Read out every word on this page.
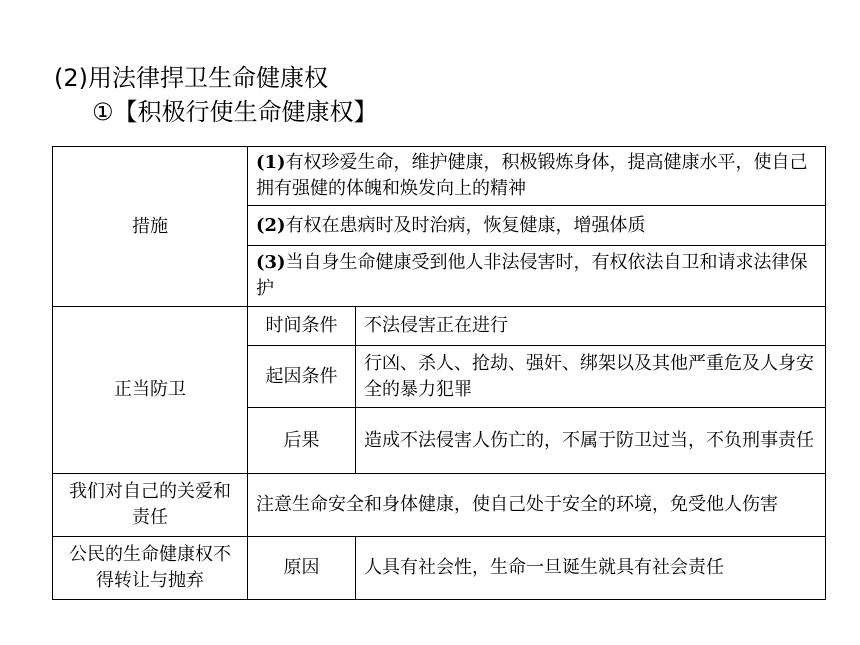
(2)用法律捍卫生命健康权
①【积极行使生命健康权】
措施	(1)有权珍爱生命，维护健康，积极锻炼身体，提高健康水平，使自己拥有强健的体魄和焕发向上的精神	
	(2)有权在患病时及时治病，恢复健康，增强体质	
	(3)当自身生命健康受到他人非法侵害时，有权依法自卫和请求法律保护	
正当防卫	时间条件	不法侵害正在进行
	起因条件	行凶、杀人、抢劫、强奸、绑架以及其他严重危及人身安全的暴力犯罪
	后果	造成不法侵害人伤亡的，不属于防卫过当，不负刑事责任
我们对自己的关爱和责任	注意生命安全和身体健康，使自己处于安全的环境，免受他人伤害	
公民的生命健康权不得转让与抛弃	原因	人具有社会性，生命一旦诞生就具有社会责任
